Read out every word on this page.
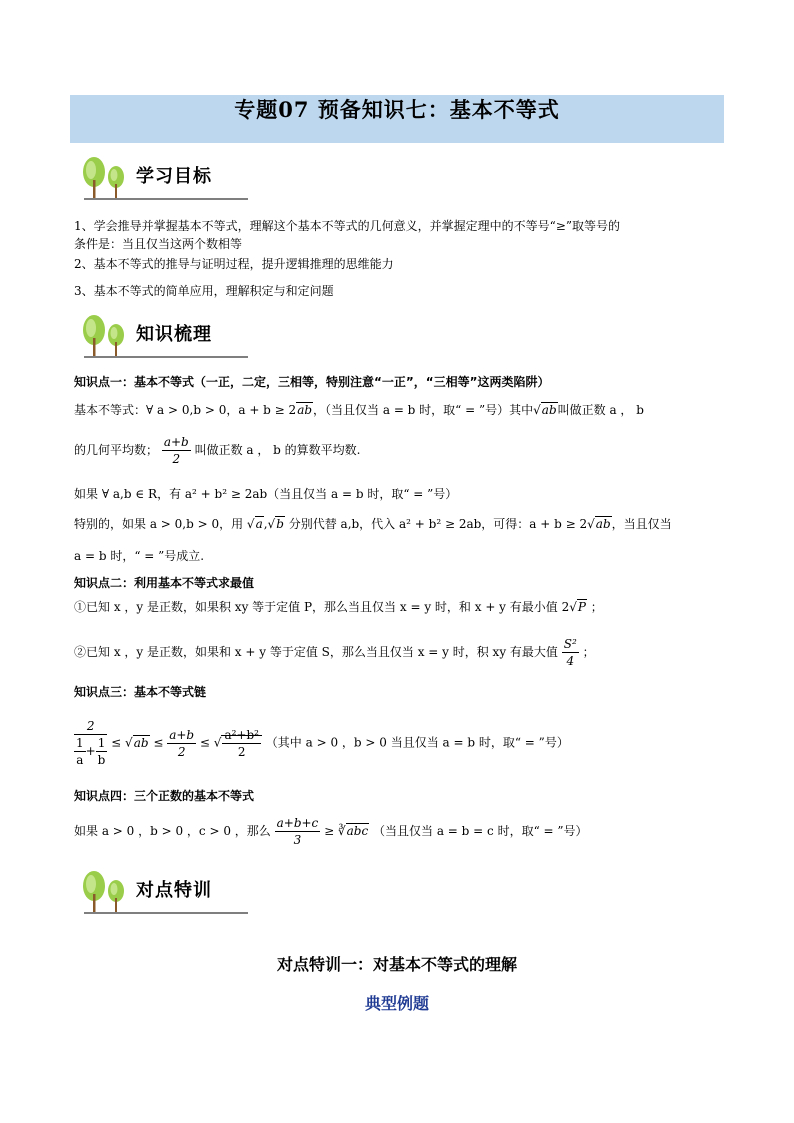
专题07 预备知识七：基本不等式
学习目标
1、学会推导并掌握基本不等式，理解这个基本不等式的几何意义，并掌握定理中的不等号“≥”取等号的
条件是：当且仅当这两个数相等
2、基本不等式的推导与证明过程，提升逻辑推理的思维能力
3、基本不等式的简单应用，理解积定与和定问题
知识梳理
知识点一：基本不等式（一正，二定，三相等，特别注意“一正”，“三相等”这两类陷阱）
基本不等式：∀ a > 0,b > 0，a + b ≥ 2ab，（当且仅当 a = b 时，取“ = ”号）其中√ab叫做正数 a ， b
的几何平均数； $\frac{a+b}{2}$ 叫做正数 a ， b 的算数平均数.
如果 ∀ a,b ∈ R，有 a² + b² ≥ 2ab（当且仅当 a = b 时，取“ = ”号）
特别的，如果 a > 0,b > 0，用 √a,√b 分别代替 a,b，代入 a² + b² ≥ 2ab，可得：a + b ≥ 2√ab，当且仅当
a = b 时，“ = ”号成立.
知识点二：利用基本不等式求最值
①已知 x ，y 是正数，如果积 xy 等于定值 P，那么当且仅当 x = y 时，和 x + y 有最小值 2√P ；
②已知 x ，y 是正数，如果和 x + y 等于定值 S，那么当且仅当 x = y 时，积 xy 有最大值 $\frac{\text{S²}}{4}$ ；
知识点三：基本不等式链
$\frac{2}{\frac{1}{a} + \frac{1}{b}} \le √ab \le \frac{a+b}{2}$ ≤ √ $\frac{\text{a²+b²}}{2}$ （其中 a > 0 ，b > 0 当且仅当 a = b 时，取“ = ”号）
知识点四：三个正数的基本不等式
如果 a > 0 ，b > 0 ，c > 0 ，那么 $\frac{a+b+c}{3}$ ≥ ∛abc （当且仅当 a = b = c 时，取“ = ”号）
对点特训
对点特训一：对基本不等式的理解
典型例题
